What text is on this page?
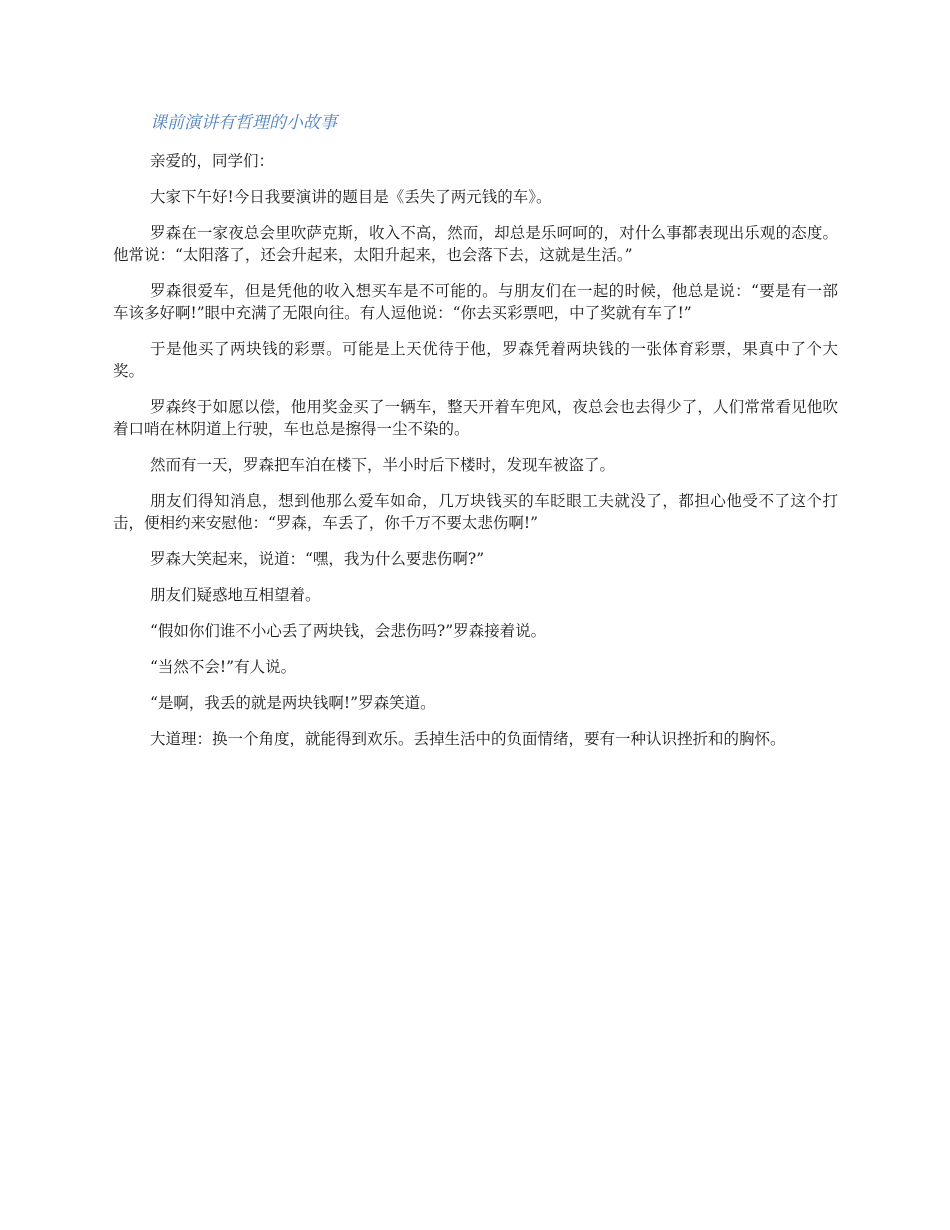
课前演讲有哲理的小故事

亲爱的，同学们：

大家下午好!今日我要演讲的题目是《丢失了两元钱的车》。

罗森在一家夜总会里吹萨克斯，收入不高，然而，却总是乐呵呵的，对什么事都表现出乐观的态度。他常说：“太阳落了，还会升起来，太阳升起来，也会落下去，这就是生活。”

罗森很爱车，但是凭他的收入想买车是不可能的。与朋友们在一起的时候，他总是说：“要是有一部车该多好啊!”眼中充满了无限向往。有人逗他说：“你去买彩票吧，中了奖就有车了!”

于是他买了两块钱的彩票。可能是上天优待于他，罗森凭着两块钱的一张体育彩票，果真中了个大奖。

罗森终于如愿以偿，他用奖金买了一辆车，整天开着车兜风，夜总会也去得少了，人们常常看见他吹着口哨在林阴道上行驶，车也总是擦得一尘不染的。

然而有一天，罗森把车泊在楼下，半小时后下楼时，发现车被盗了。

朋友们得知消息，想到他那么爱车如命，几万块钱买的车眨眼工夫就没了，都担心他受不了这个打击，便相约来安慰他：“罗森，车丢了，你千万不要太悲伤啊!”

罗森大笑起来，说道：“嘿，我为什么要悲伤啊?”

朋友们疑惑地互相望着。

“假如你们谁不小心丢了两块钱，会悲伤吗?”罗森接着说。

“当然不会!”有人说。

“是啊，我丢的就是两块钱啊!”罗森笑道。

大道理：换一个角度，就能得到欢乐。丢掉生活中的负面情绪，要有一种认识挫折和的胸怀。
